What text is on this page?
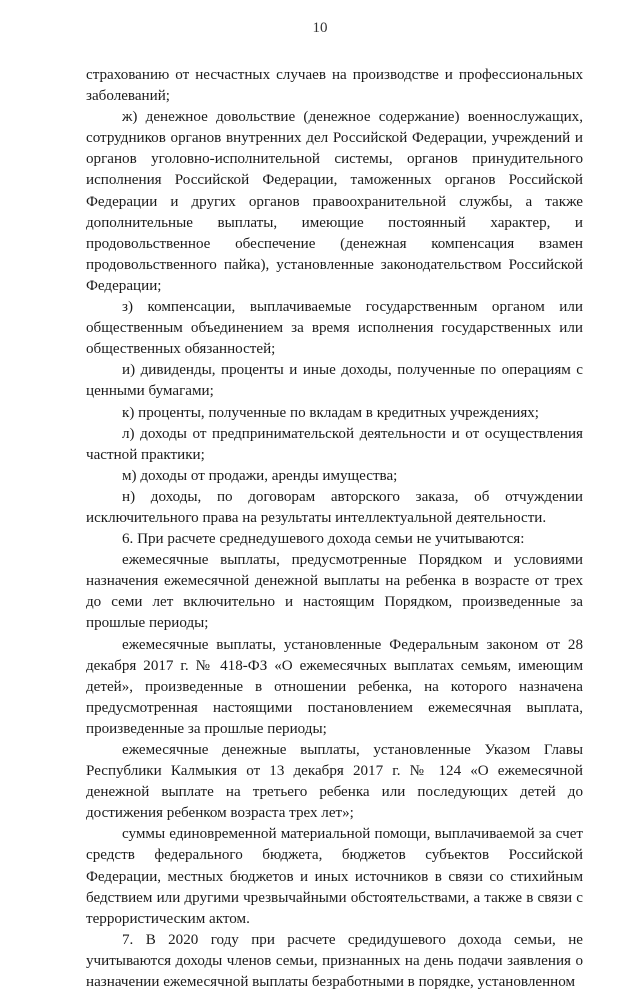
10

страхованию от несчастных случаев на производстве и профессиональных заболеваний;

ж) денежное довольствие (денежное содержание) военнослужащих, сотрудников органов внутренних дел Российской Федерации, учреждений и органов уголовно-исполнительной системы, органов принудительного исполнения Российской Федерации, таможенных органов Российской Федерации и других органов правоохранительной службы, а также дополнительные выплаты, имеющие постоянный характер, и продовольственное обеспечение (денежная компенсация взамен продовольственного пайка), установленные законодательством Российской Федерации;

з) компенсации, выплачиваемые государственным органом или общественным объединением за время исполнения государственных или общественных обязанностей;

и) дивиденды, проценты и иные доходы, полученные по операциям с ценными бумагами;

к) проценты, полученные по вкладам в кредитных учреждениях;

л) доходы от предпринимательской деятельности и от осуществления частной практики;

м) доходы от продажи, аренды имущества;

н) доходы, по договорам авторского заказа, об отчуждении исключительного права на результаты интеллектуальной деятельности.

6. При расчете среднедушевого дохода семьи не учитываются:

ежемесячные выплаты, предусмотренные Порядком и условиями назначения ежемесячной денежной выплаты на ребенка в возрасте от трех до семи лет включительно и настоящим Порядком, произведенные за прошлые периоды;

ежемесячные выплаты, установленные Федеральным законом от 28 декабря 2017 г. № 418-ФЗ «О ежемесячных выплатах семьям, имеющим детей», произведенные в отношении ребенка, на которого назначена предусмотренная настоящими постановлением ежемесячная выплата, произведенные за прошлые периоды;

ежемесячные денежные выплаты, установленные Указом Главы Республики Калмыкия от 13 декабря 2017 г. № 124 «О ежемесячной денежной выплате на третьего ребенка или последующих детей до достижения ребенком возраста трех лет»;

суммы единовременной материальной помощи, выплачиваемой за счет средств федерального бюджета, бюджетов субъектов Российской Федерации, местных бюджетов и иных источников в связи со стихийным бедствием или другими чрезвычайными обстоятельствами, а также в связи с террористическим актом.

7. В 2020 году при расчете средидушевого дохода семьи, не учитываются доходы членов семьи, признанных на день подачи заявления о назначении ежемесячной выплаты безработными в порядке, установленном
